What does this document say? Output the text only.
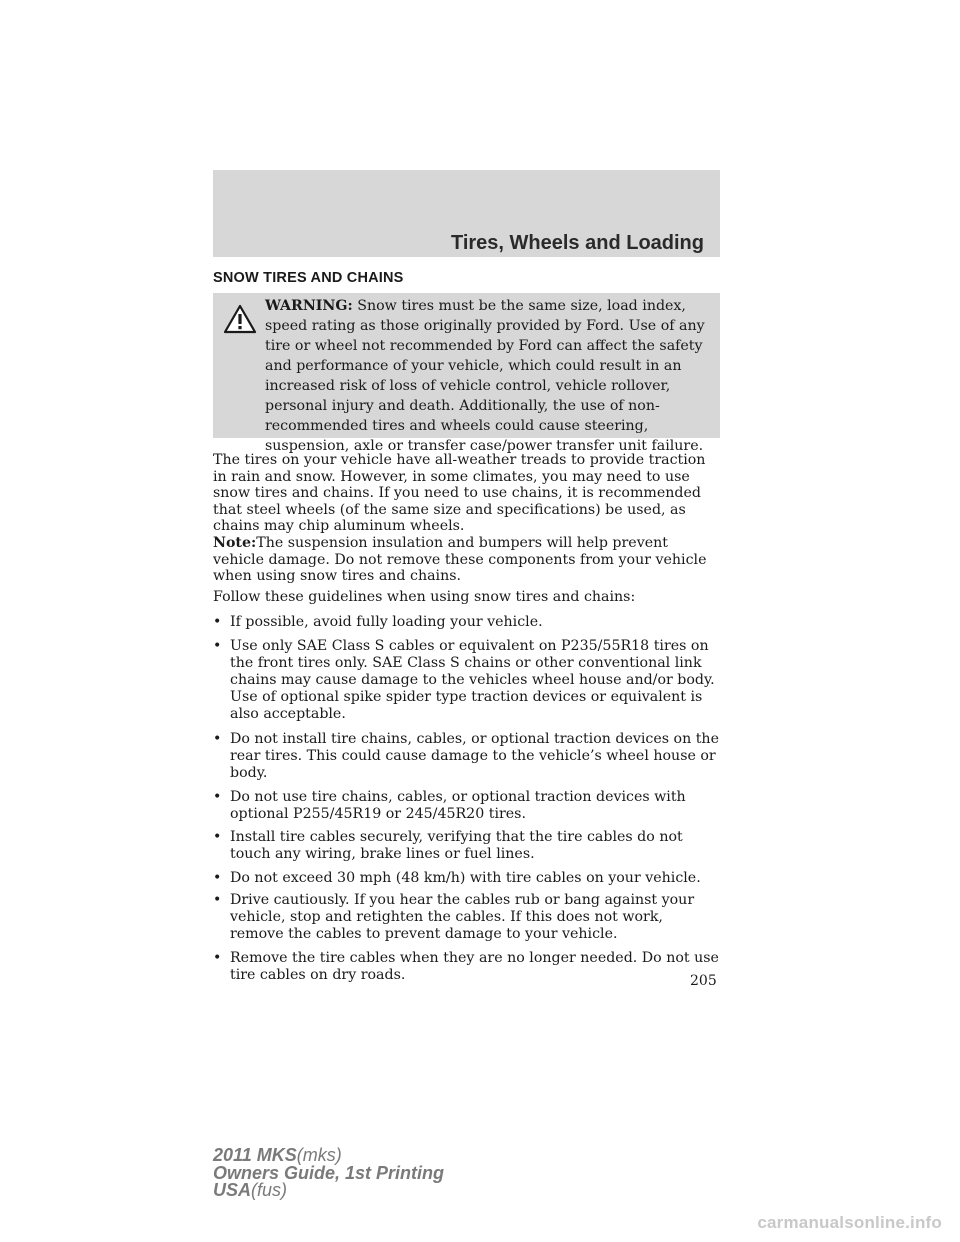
Tires, Wheels and Loading
SNOW TIRES AND CHAINS
WARNING: Snow tires must be the same size, load index, speed rating as those originally provided by Ford. Use of any tire or wheel not recommended by Ford can affect the safety and performance of your vehicle, which could result in an increased risk of loss of vehicle control, vehicle rollover, personal injury and death. Additionally, the use of non-recommended tires and wheels could cause steering, suspension, axle or transfer case/power transfer unit failure.

The tires on your vehicle have all-weather treads to provide traction in rain and snow. However, in some climates, you may need to use snow tires and chains. If you need to use chains, it is recommended that steel wheels (of the same size and specifications) be used, as chains may chip aluminum wheels.

Note:The suspension insulation and bumpers will help prevent vehicle damage. Do not remove these components from your vehicle when using snow tires and chains.

Follow these guidelines when using snow tires and chains:

• If possible, avoid fully loading your vehicle.
• Use only SAE Class S cables or equivalent on P235/55R18 tires on the front tires only. SAE Class S chains or other conventional link chains may cause damage to the vehicles wheel house and/or body. Use of optional spike spider type traction devices or equivalent is also acceptable.
• Do not install tire chains, cables, or optional traction devices on the rear tires. This could cause damage to the vehicle’s wheel house or body.
• Do not use tire chains, cables, or optional traction devices with optional P255/45R19 or 245/45R20 tires.
• Install tire cables securely, verifying that the tire cables do not touch any wiring, brake lines or fuel lines.
• Do not exceed 30 mph (48 km/h) with tire cables on your vehicle.
• Drive cautiously. If you hear the cables rub or bang against your vehicle, stop and retighten the cables. If this does not work, remove the cables to prevent damage to your vehicle.
• Remove the tire cables when they are no longer needed. Do not use tire cables on dry roads.	205
2011 MKS(mks)
Owners Guide, 1st Printing
USA(fus)
carmanualsonline.info
